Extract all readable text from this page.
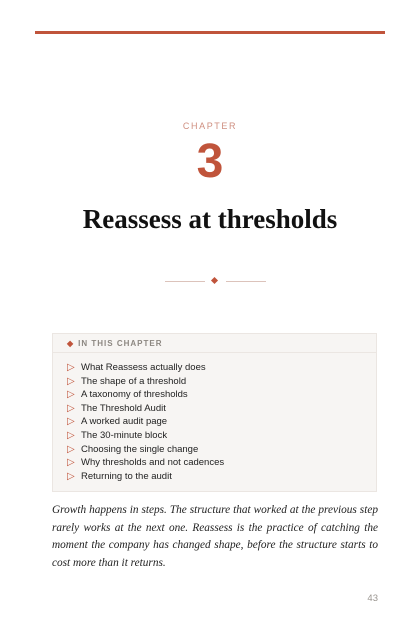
CHAPTER
3
Reassess at thresholds
◆ IN THIS CHAPTER
▷ What Reassess actually does
▷ The shape of a threshold
▷ A taxonomy of thresholds
▷ The Threshold Audit
▷ A worked audit page
▷ The 30-minute block
▷ Choosing the single change
▷ Why thresholds and not cadences
▷ Returning to the audit

Growth happens in steps. The structure that worked at the previous step rarely works at the next one. Reassess is the practice of catching the moment the company has changed shape, before the structure starts to cost more than it returns.

43
